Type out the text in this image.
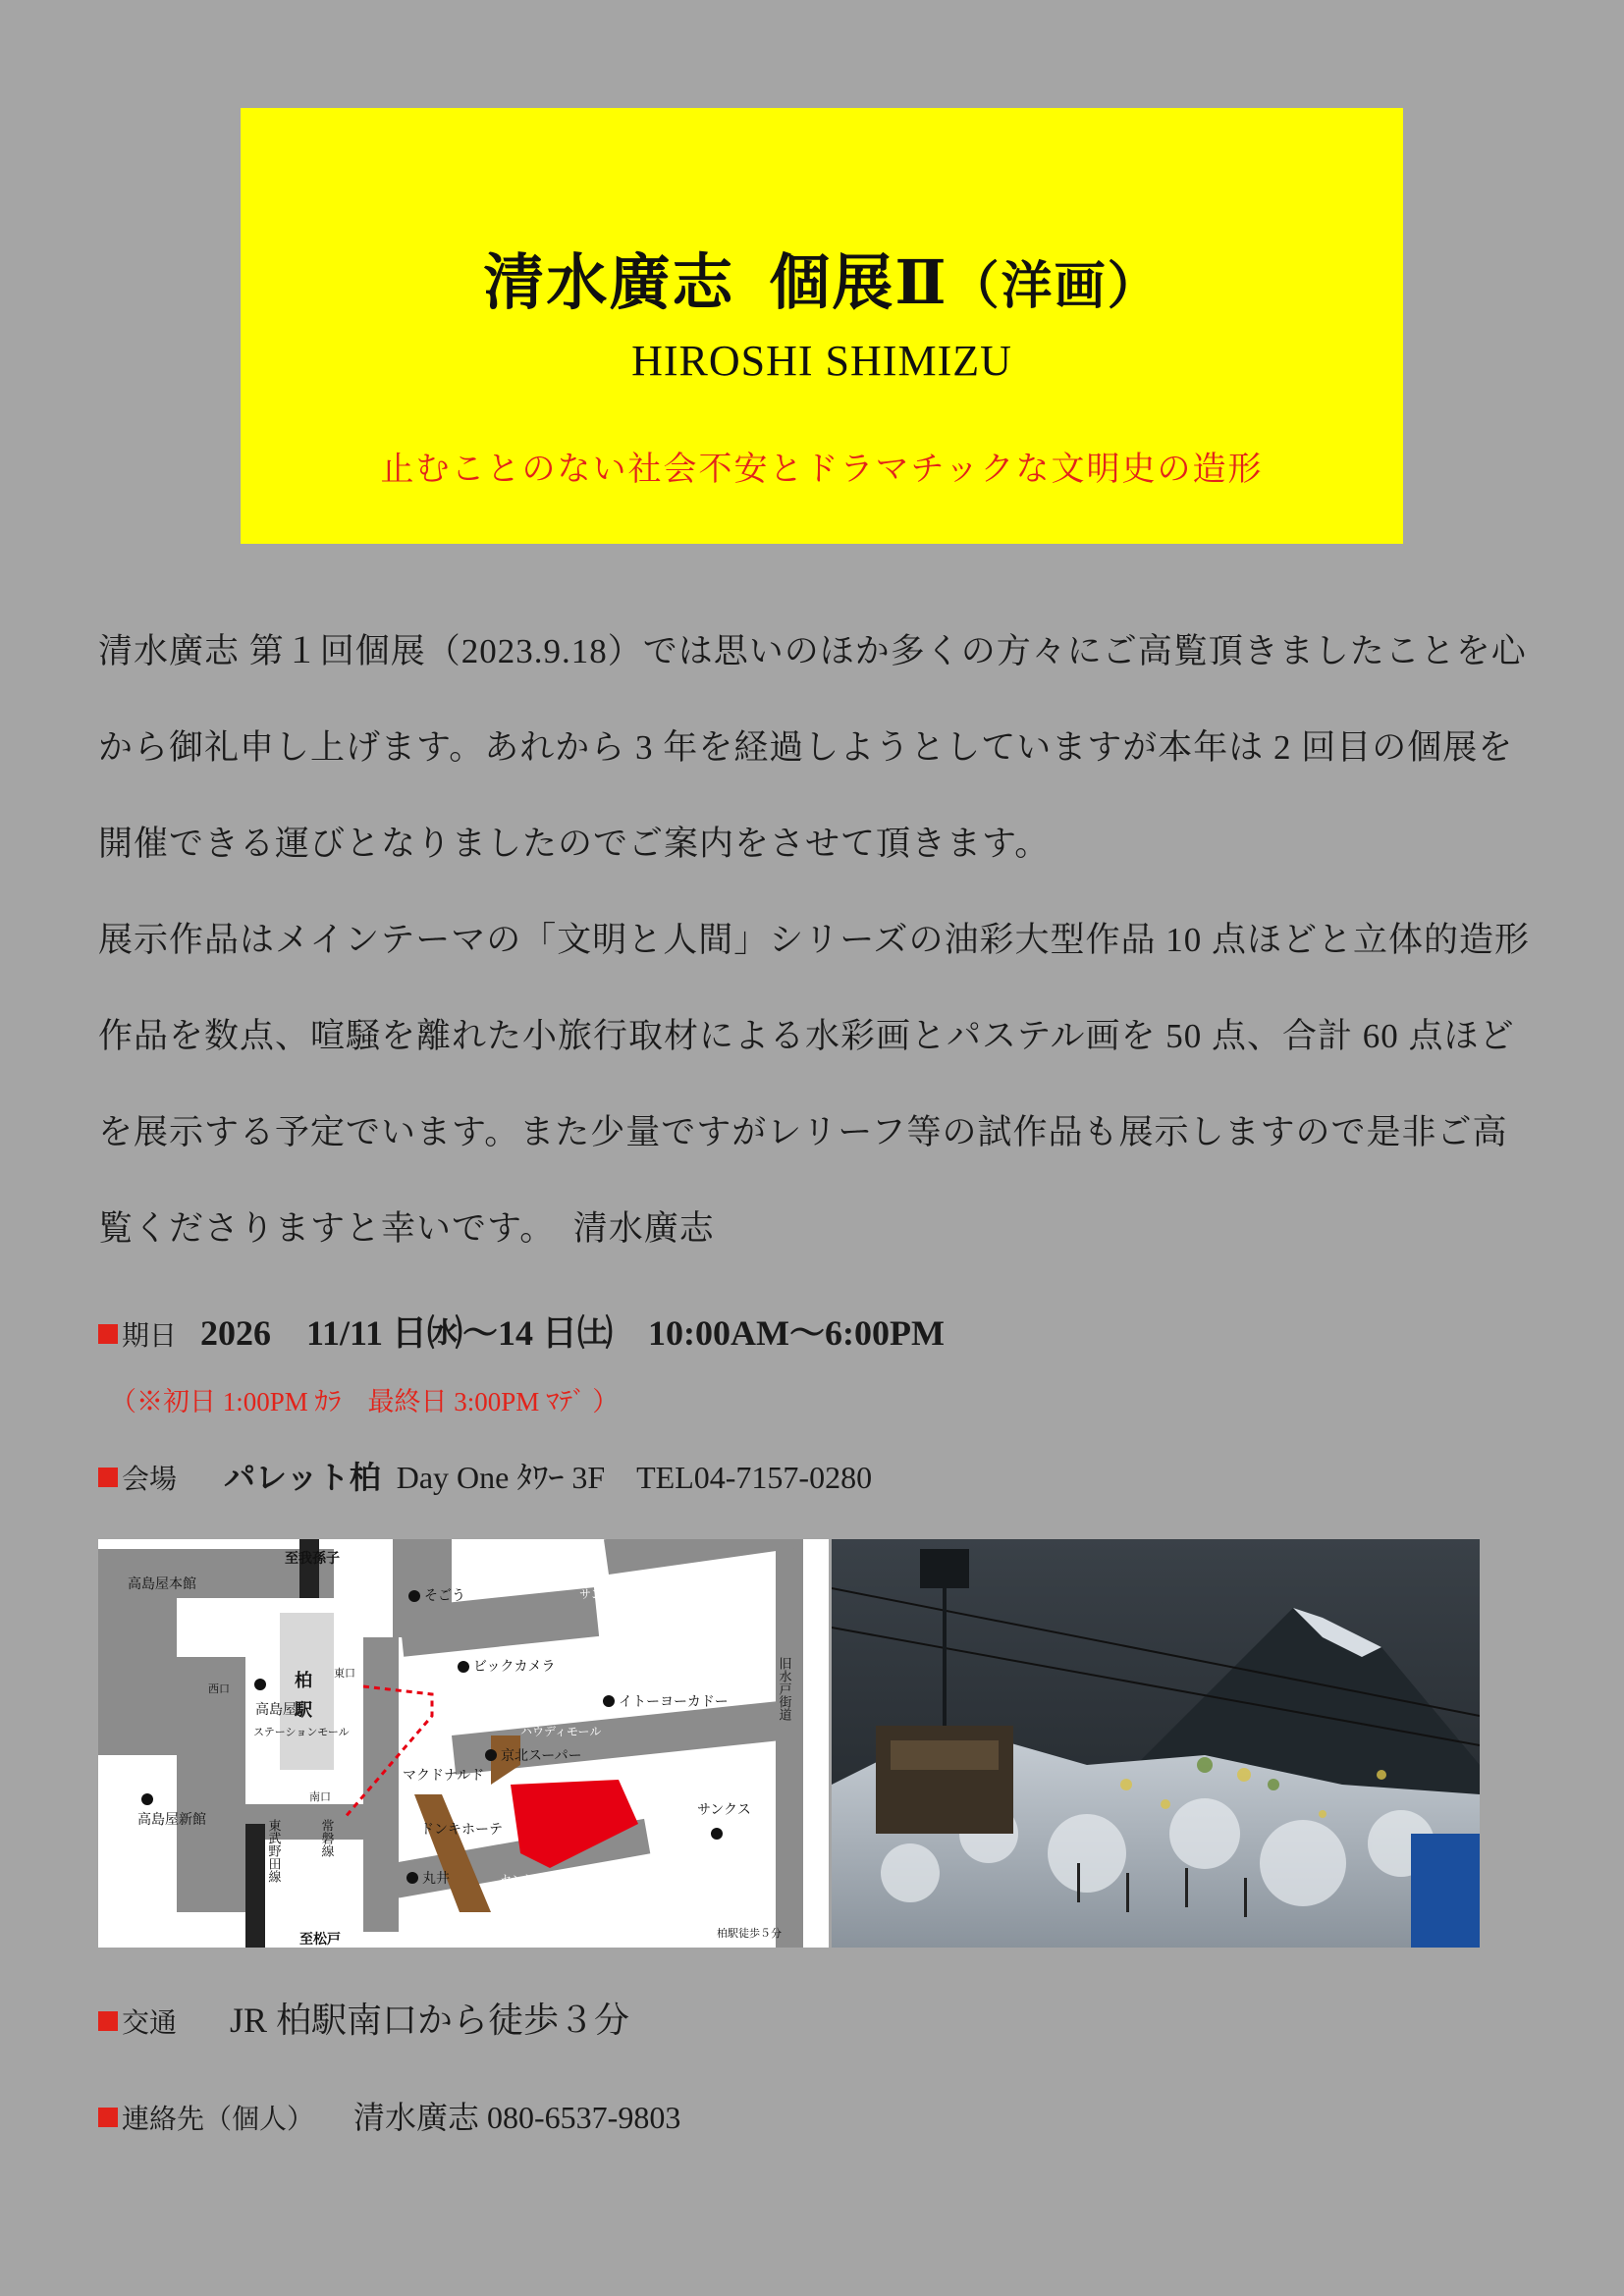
清水廣志 個展Ⅱ（洋画）
HIROSHI SHIMIZU
止むことのない社会不安とドラマチックな文明史の造形

清水廣志 第１回個展（2023.9.18）では思いのほか多くの方々にご高覧頂きましたことを心から御礼申し上げます。あれから 3 年を経過しようとしていますが本年は 2 回目の個展を開催できる運びとなりましたのでご案内をさせて頂きます。

展示作品はメインテーマの「文明と人間」シリーズの油彩大型作品 10 点ほどと立体的造形作品を数点、喧騒を離れた小旅行取材による水彩画とパステル画を 50 点、合計 60 点ほどを展示する予定でいます。また少量ですがレリーフ等の試作品も展示しますので是非ご高覧くださりますと幸いです。　清水廣志

期日 2026　11/11 日㈬～14 日㈯　10:00AM～6:00PM
（※初日 1:00PM ｶﾗ　最終日 3:00PM ﾏﾃﾞ ）
会場 パレット柏 Day One ﾀﾜｰ 3F　TEL04-7157-0280
高島屋本館
至我孫子
そごう	サンサン通り
ビックカメラ
東口
西口	柏
駅
高島屋
ステーションモール
イトーヨーカドー
ハウディモール
京北スーパー
マクドナルド
旧水戸街道
南口
高島屋新館	東武野田線	常磐線	ドンキホーテ
サンクス
丸井	セントラルパル通り
至松戸	柏駅徒歩５分
交通 JR 柏駅南口から徒歩３分
連絡先（個人） 清水廣志 080-6537-9803
